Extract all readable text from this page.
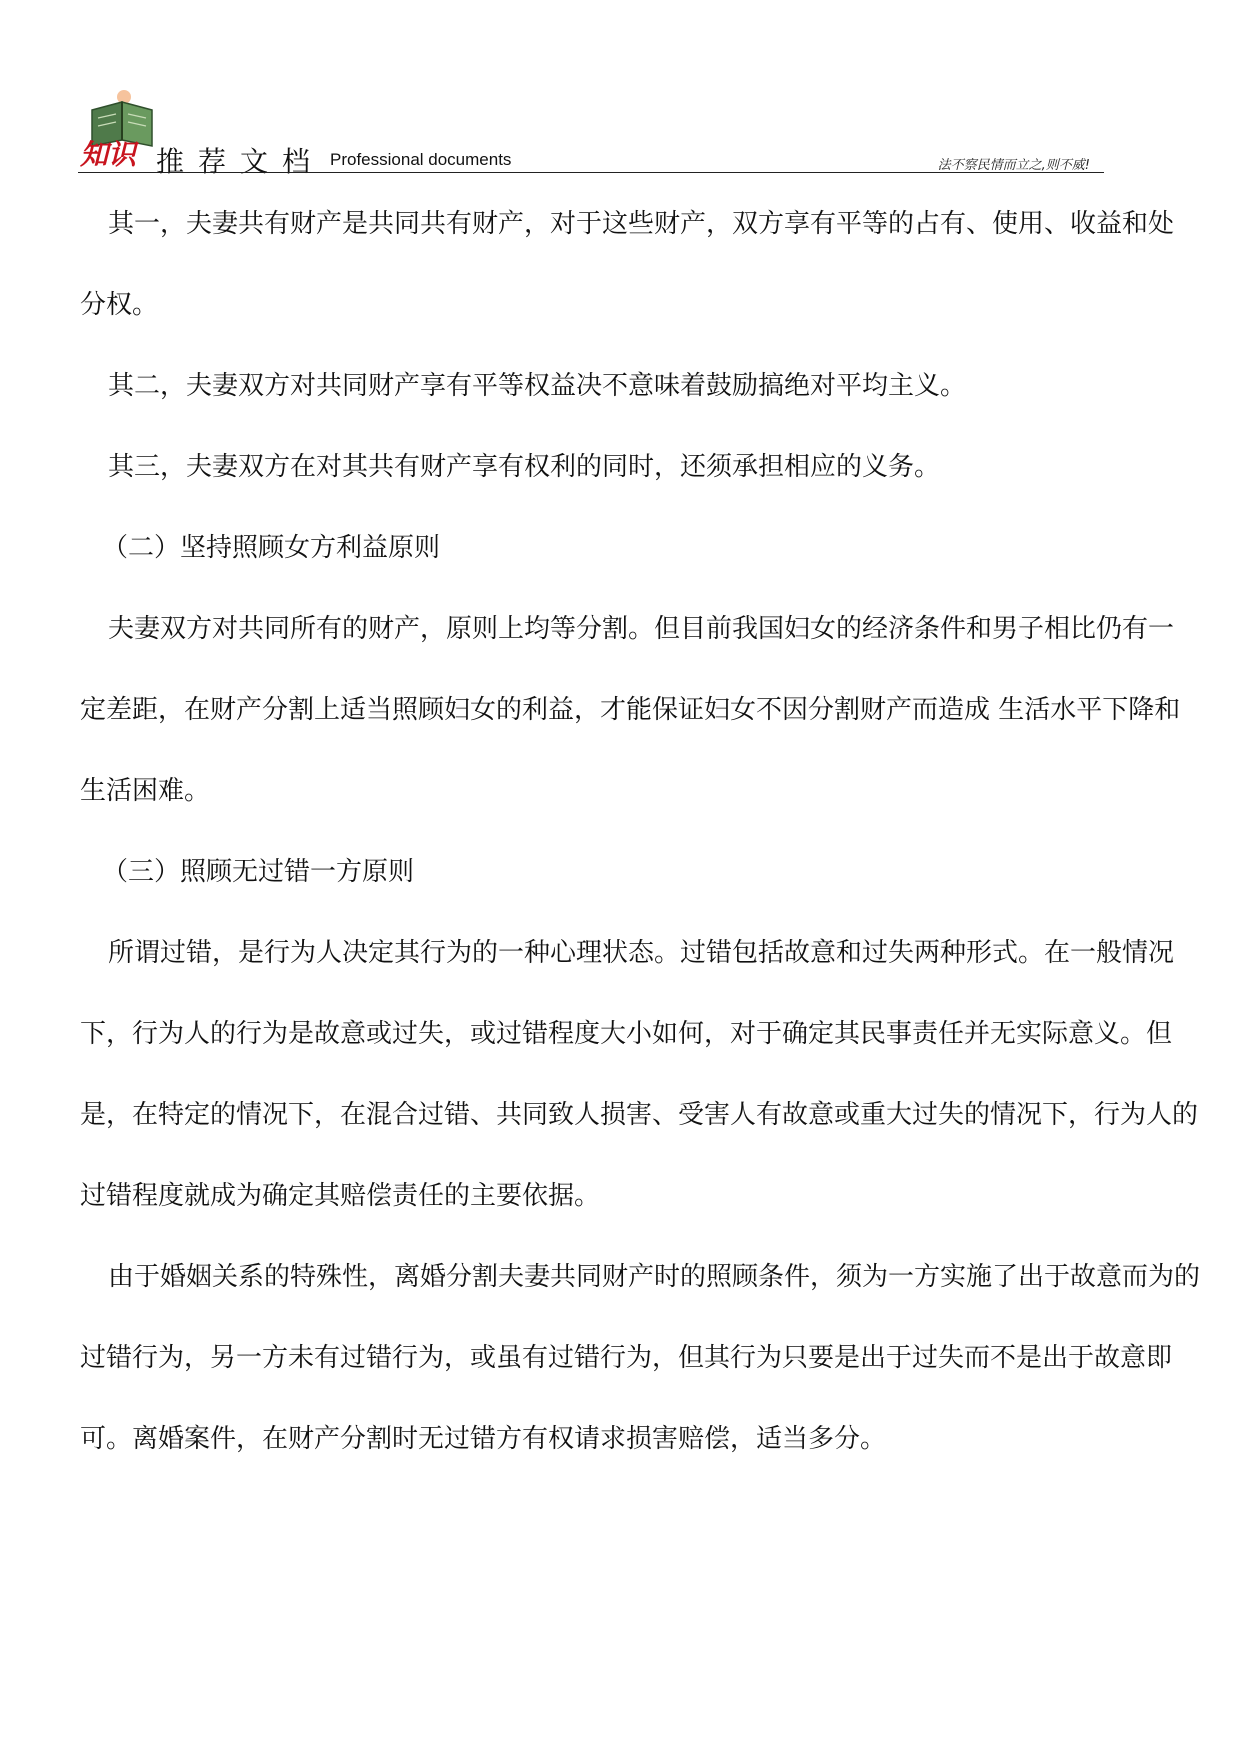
知识 推荐文档 Professional documents	法不察民情而立之,则不威!

其一，夫妻共有财产是共同共有财产，对于这些财产，双方享有平等的占有、使用、收益和处 分权。

其二，夫妻双方对共同财产享有平等权益决不意味着鼓励搞绝对平均主义。

其三，夫妻双方在对其共有财产享有权利的同时，还须承担相应的义务。

（二）坚持照顾女方利益原则

夫妻双方对共同所有的财产，原则上均等分割。但目前我国妇女的经济条件和男子相比仍有一 定差距，在财产分割上适当照顾妇女的利益，才能保证妇女不因分割财产而造成 生活水平下降和生活困难。

（三）照顾无过错一方原则

所谓过错，是行为人决定其行为的一种心理状态。过错包括故意和过失两种形式。在一般情况 下，行为人的行为是故意或过失，或过错程度大小如何，对于确定其民事责任并无实际意义。但是，在特定的情况下，在混合过错、共同致人损害、受害人有故意或重大过失的情况下，行为人的过错程度就成为确定其赔偿责任的主要依据。

由于婚姻关系的特殊性，离婚分割夫妻共同财产时的照顾条件，须为一方实施了出于故意而为的过错行为，另一方未有过错行为，或虽有过错行为，但其行为只要是出于过失而不是出于故意即可。离婚案件，在财产分割时无过错方有权请求损害赔偿，适当多分。
